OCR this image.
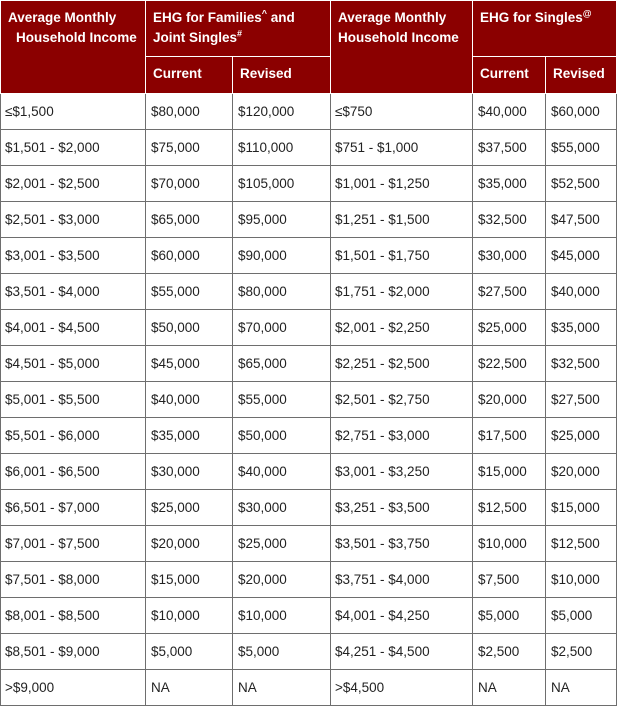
Average Monthly
Household Income	EHG for Families^ and
Joint Singles#		Average Monthly
Household Income	EHG for Singles@
	Current	Revised		Current	Revised
≤$1,500	$80,000	$120,000	≤$750	$40,000	$60,000
$1,501 - $2,000	$75,000	$110,000	$751 - $1,000	$37,500	$55,000
$2,001 - $2,500	$70,000	$105,000	$1,001 - $1,250	$35,000	$52,500
$2,501 - $3,000	$65,000	$95,000	$1,251 - $1,500	$32,500	$47,500
$3,001 - $3,500	$60,000	$90,000	$1,501 - $1,750	$30,000	$45,000
$3,501 - $4,000	$55,000	$80,000	$1,751 - $2,000	$27,500	$40,000
$4,001 - $4,500	$50,000	$70,000	$2,001 - $2,250	$25,000	$35,000
$4,501 - $5,000	$45,000	$65,000	$2,251 - $2,500	$22,500	$32,500
$5,001 - $5,500	$40,000	$55,000	$2,501 - $2,750	$20,000	$27,500
$5,501 - $6,000	$35,000	$50,000	$2,751 - $3,000	$17,500	$25,000
$6,001 - $6,500	$30,000	$40,000	$3,001 - $3,250	$15,000	$20,000
$6,501 - $7,000	$25,000	$30,000	$3,251 - $3,500	$12,500	$15,000
$7,001 - $7,500	$20,000	$25,000	$3,501 - $3,750	$10,000	$12,500
$7,501 - $8,000	$15,000	$20,000	$3,751 - $4,000	$7,500	$10,000
$8,001 - $8,500	$10,000	$10,000	$4,001 - $4,250	$5,000	$5,000
$8,501 - $9,000	$5,000	$5,000	$4,251 - $4,500	$2,500	$2,500
>$9,000	NA	NA	>$4,500	NA	NA
